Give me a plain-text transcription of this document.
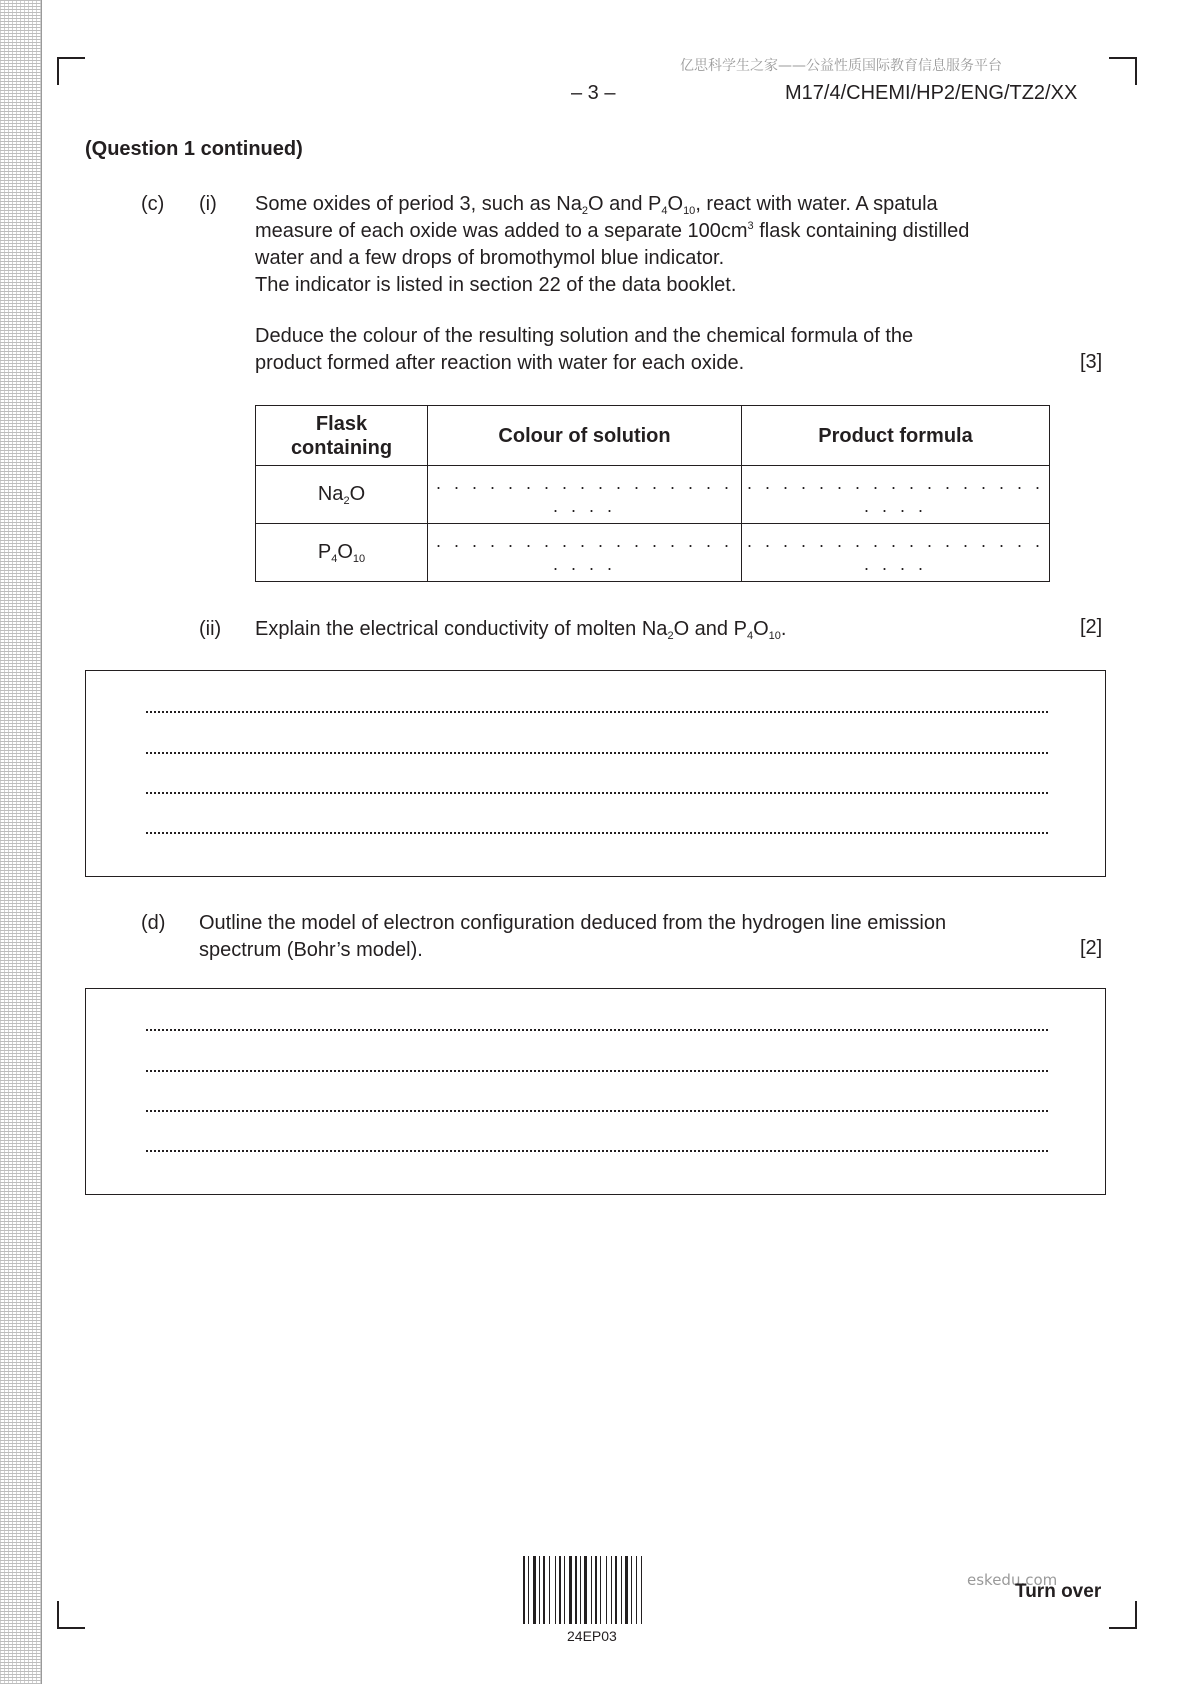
亿思科学生之家——公益性质国际教育信息服务平台
– 3 –	M17/4/CHEMI/HP2/ENG/TZ2/XX
(Question 1 continued)
(c) (i) Some oxides of period 3, such as $Na_2O$ and $P_4O_{10}$, react with water. A spatula
measure of each oxide was added to a separate $100cm^3$ flask containing distilled
water and a few drops of bromothymol blue indicator.
The indicator is listed in section 22 of the data booklet.
Deduce the colour of the resulting solution and the chemical formula of the
product formed after reaction with water for each oxide.	[3]
Flask
containing	Colour of solution	Product formula
$Na_2O$	. . . . . . . . . . . . . . . . . . . . .	. . . . . . . . . . . . . . . . . . . . .
$P_4O_{10}$	. . . . . . . . . . . . . . . . . . . . .	. . . . . . . . . . . . . . . . . . . . .
(ii) Explain the electrical conductivity of molten $Na_2O$ and $P_4O_{10}$.	[2]
(d) Outline the model of electron configuration deduced from the hydrogen line emission
spectrum (Bohr’s model).	[2]
24EP03
eskedu.com
Turn over
